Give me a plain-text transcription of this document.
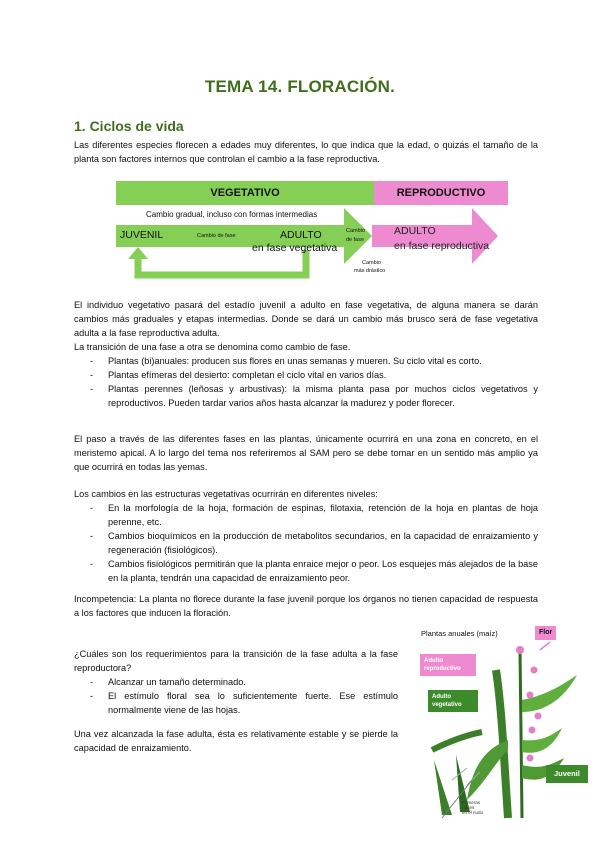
TEMA 14. FLORACIÓN.
1. Ciclos de vida

Las diferentes especies florecen a edades muy diferentes, lo que indica que la edad, o quizás el tamaño de la planta son factores internos que controlan el cambio a la fase reproductiva.

VEGETATIVO	REPRODUCTIVO
Cambio gradual, incluso con formas intermedias
JUVENIL	Cambio de fase	ADULTO
en fase vegetativa
Cambio
de fase
ADULTO
en fase reproductiva
Cambio
más drástico

El individuo vegetativo pasará del estadío juvenil a adulto en fase vegetativa, de alguna manera se darán cambios más graduales y etapas intermedias. Donde se dará un cambio más brusco será de fase vegetativa adulta a la fase reproductiva adulta.

La transición de una fase a otra se denomina como cambio de fase.

- Plantas (bi)anuales: producen sus flores en unas semanas y mueren. Su ciclo vital es corto.
- Plantas efímeras del desierto: completan el ciclo vital en varios días.
- Plantas perennes (leñosas y arbustivas): la misma planta pasa por muchos ciclos vegetativos y reproductivos. Pueden tardar varios años hasta alcanzar la madurez y poder florecer.

El paso a través de las diferentes fases en las plantas, únicamente ocurrirá en una zona en concreto, en el meristemo apical. A lo largo del tema nos referiremos al SAM pero se debe tomar en un sentido más amplio ya que ocurrirá en todas las yemas.

Los cambios en las estructuras vegetativas ocurrirán en diferentes niveles:

- En la morfología de la hoja, formación de espinas, filotaxia, retención de la hoja en plantas de hoja perenne, etc.
- Cambios bioquímicos en la producción de metabolitos secundarios, en la capacidad de enraizamiento y regeneración (fisiológicos).
- Cambios fisiológicos permitirán que la planta enraice mejor o peor. Los esquejes más alejados de la base en la planta, tendrán una capacidad de enraizamiento peor.

Incompetencia: La planta no florece durante la fase juvenil porque los órganos no tienen capacidad de respuesta a los factores que inducen la floración.

¿Cuáles son los requerimientos para la transición de la fase adulta a la fase reproductora?

- Alcanzar un tamaño determinado.
- El estímulo floral sea lo suficientemente fuerte. Ese estímulo normalmente viene de las hojas.

Una vez alcanzada la fase adulta, ésta es relativamente estable y se pierde la capacidad de enraizamiento.

Plantas anuales (maíz)	Flor
Adulto
reproductivo
Adulto
vegetativo
Juvenil
Primeras
raíces
en el nudo
